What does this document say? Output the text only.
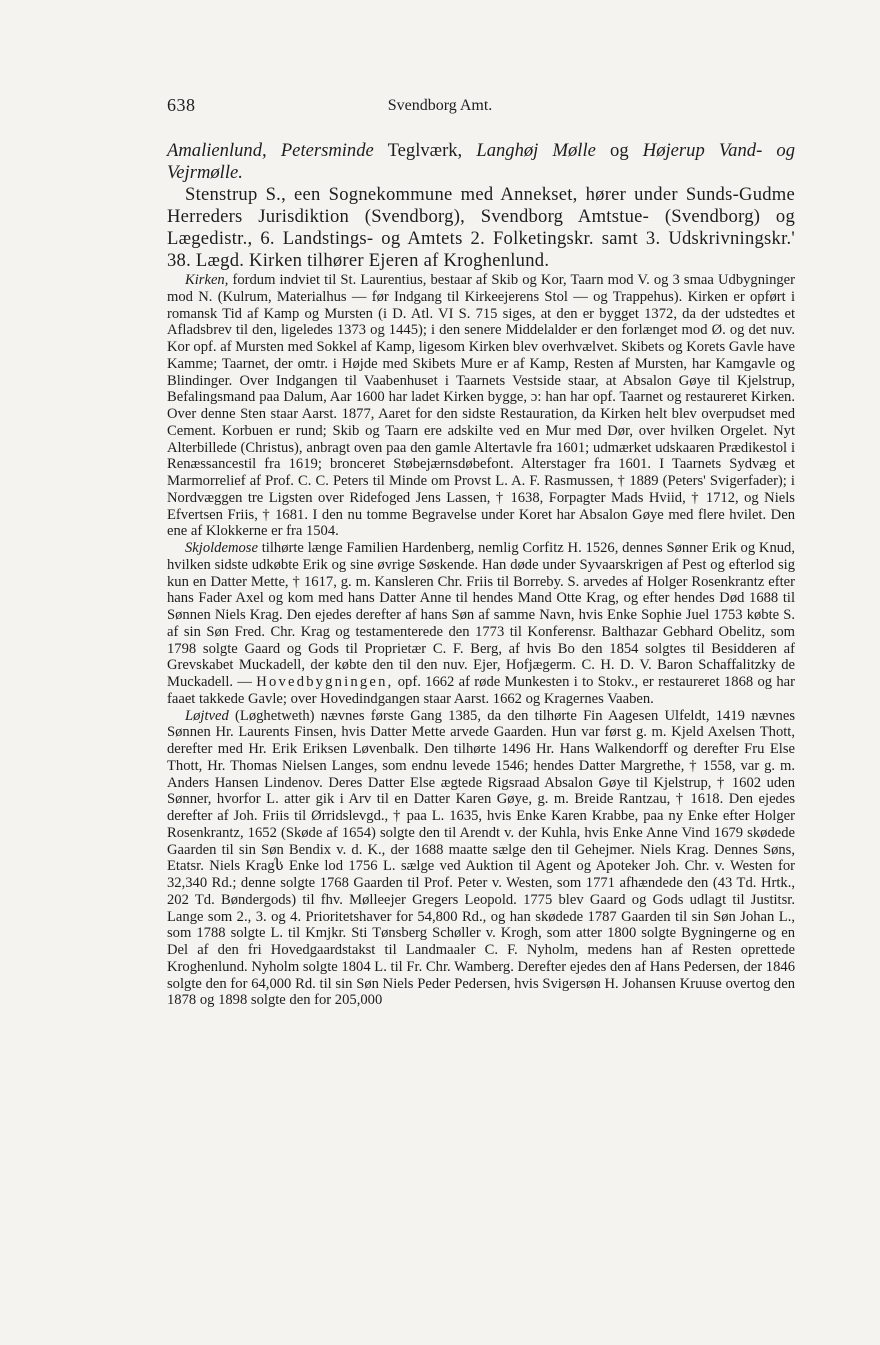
638	Svendborg Amt.

Amalienlund, Petersminde Teglværk, Langhøj Mølle og Højerup Vand- og Vejrmølle.

Stenstrup S., een Sognekommune med Annekset, hører under Sunds-Gudme Herreders Jurisdiktion (Svendborg), Svendborg Amtstue- (Svendborg) og Lægedistr., 6. Landstings- og Amtets 2. Folketingskr. samt 3. Udskrivningskr.' 38. Lægd. Kirken tilhører Ejeren af Kroghenlund.

Kirken, fordum indviet til St. Laurentius, bestaar af Skib og Kor, Taarn mod V. og 3 smaa Udbygninger mod N. (Kulrum, Materialhus — før Indgang til Kirkeejerens Stol — og Trappehus). Kirken er opført i romansk Tid af Kamp og Mursten (i D. Atl. VI S. 715 siges, at den er bygget 1372, da der udstedtes et Afladsbrev til den, ligeledes 1373 og 1445); i den senere Middelalder er den forlænget mod Ø. og det nuv. Kor opf. af Mursten med Sokkel af Kamp, ligesom Kirken blev overhvælvet. Skibets og Korets Gavle have Kamme; Taarnet, der omtr. i Højde med Skibets Mure er af Kamp, Resten af Mursten, har Kamgavle og Blindinger. Over Indgangen til Vaabenhuset i Taarnets Vestside staar, at Absalon Gøye til Kjelstrup, Befalingsmand paa Dalum, Aar 1600 har ladet Kirken bygge, ɔ: han har opf. Taarnet og restaureret Kirken. Over denne Sten staar Aarst. 1877, Aaret for den sidste Restauration, da Kirken helt blev overpudset med Cement. Korbuen er rund; Skib og Taarn ere adskilte ved en Mur med Dør, over hvilken Orgelet. Nyt Alterbillede (Christus), anbragt oven paa den gamle Altertavle fra 1601; udmærket udskaaren Prædikestol i Renæssancestil fra 1619; bronceret Støbejærnsdøbefont. Alterstager fra 1601. I Taarnets Sydvæg et Marmorrelief af Prof. C. C. Peters til Minde om Provst L. A. F. Rasmussen, † 1889 (Peters' Svigerfader); i Nordvæggen tre Ligsten over Ridefoged Jens Lassen, † 1638, Forpagter Mads Hviid, † 1712, og Niels Efvertsen Friis, † 1681. I den nu tomme Begravelse under Koret har Absalon Gøye med flere hvilet. Den ene af Klokkerne er fra 1504.

Skjoldemose tilhørte længe Familien Hardenberg, nemlig Corfitz H. 1526, dennes Sønner Erik og Knud, hvilken sidste udkøbte Erik og sine øvrige Søskende. Han døde under Syvaarskrigen af Pest og efterlod sig kun en Datter Mette, † 1617, g. m. Kansleren Chr. Friis til Borreby. S. arvedes af Holger Rosenkrantz efter hans Fader Axel og kom med hans Datter Anne til hendes Mand Otte Krag, og efter hendes Død 1688 til Sønnen Niels Krag. Den ejedes derefter af hans Søn af samme Navn, hvis Enke Sophie Juel 1753 købte S. af sin Søn Fred. Chr. Krag og testamenterede den 1773 til Konferensr. Balthazar Gebhard Obelitz, som 1798 solgte Gaard og Gods til Proprietær C. F. Berg, af hvis Bo den 1854 solgtes til Besidderen af Grevskabet Muckadell, der købte den til den nuv. Ejer, Hofjægerm. C. H. D. V. Baron Schaffalitzky de Muckadell. — Hovedbygningen, opf. 1662 af røde Munkesten i to Stokv., er restaureret 1868 og har faaet takkede Gavle; over Hovedindgangen staar Aarst. 1662 og Kragernes Vaaben.

Løjtved (Løghetweth) nævnes første Gang 1385, da den tilhørte Fin Aagesen Ulfeldt, 1419 nævnes Sønnen Hr. Laurents Finsen, hvis Datter Mette arvede Gaarden. Hun var først g. m. Kjeld Axelsen Thott, derefter med Hr. Erik Eriksen Løvenbalk. Den tilhørte 1496 Hr. Hans Walkendorff og derefter Fru Else Thott, Hr. Thomas Nielsen Langes, som endnu levede 1546; hendes Datter Margrethe, † 1558, var g. m. Anders Hansen Lindenov. Deres Datter Else ægtede Rigsraad Absalon Gøye til Kjelstrup, † 1602 uden Sønner, hvorfor L. atter gik i Arv til en Datter Karen Gøye, g. m. Breide Rantzau, † 1618. Den ejedes derefter af Joh. Friis til Ørridslevgd., † paa L. 1635, hvis Enke Karen Krabbe, paa ny Enke efter Holger Rosenkrantz, 1652 (Skøde af 1654) solgte den til Arendt v. der Kuhla, hvis Enke Anne Vind 1679 skødede Gaarden til sin Søn Bendix v. d. K., der 1688 maatte sælge den til Gehejmer. Niels Krag. Dennes Søns, Etatsr. Niels Kragს Enke lod 1756 L. sælge ved Auktion til Agent og Apoteker Joh. Chr. v. Westen for 32,340 Rd.; denne solgte 1768 Gaarden til Prof. Peter v. Westen, som 1771 afhændede den (43 Td. Hrtk., 202 Td. Bøndergods) til fhv. Mølleejer Gregers Leopold. 1775 blev Gaard og Gods udlagt til Justitsr. Lange som 2., 3. og 4. Prioritetshaver for 54,800 Rd., og han skødede 1787 Gaarden til sin Søn Johan L., som 1788 solgte L. til Kmjkr. Sti Tønsberg Schøller v. Krogh, som atter 1800 solgte Bygningerne og en Del af den fri Hovedgaardstakst til Landmaaler C. F. Nyholm, medens han af Resten oprettede Kroghenlund. Nyholm solgte 1804 L. til Fr. Chr. Wamberg. Derefter ejedes den af Hans Pedersen, der 1846 solgte den for 64,000 Rd. til sin Søn Niels Peder Pedersen, hvis Svigersøn H. Johansen Kruuse overtog den 1878 og 1898 solgte den for 205,000
